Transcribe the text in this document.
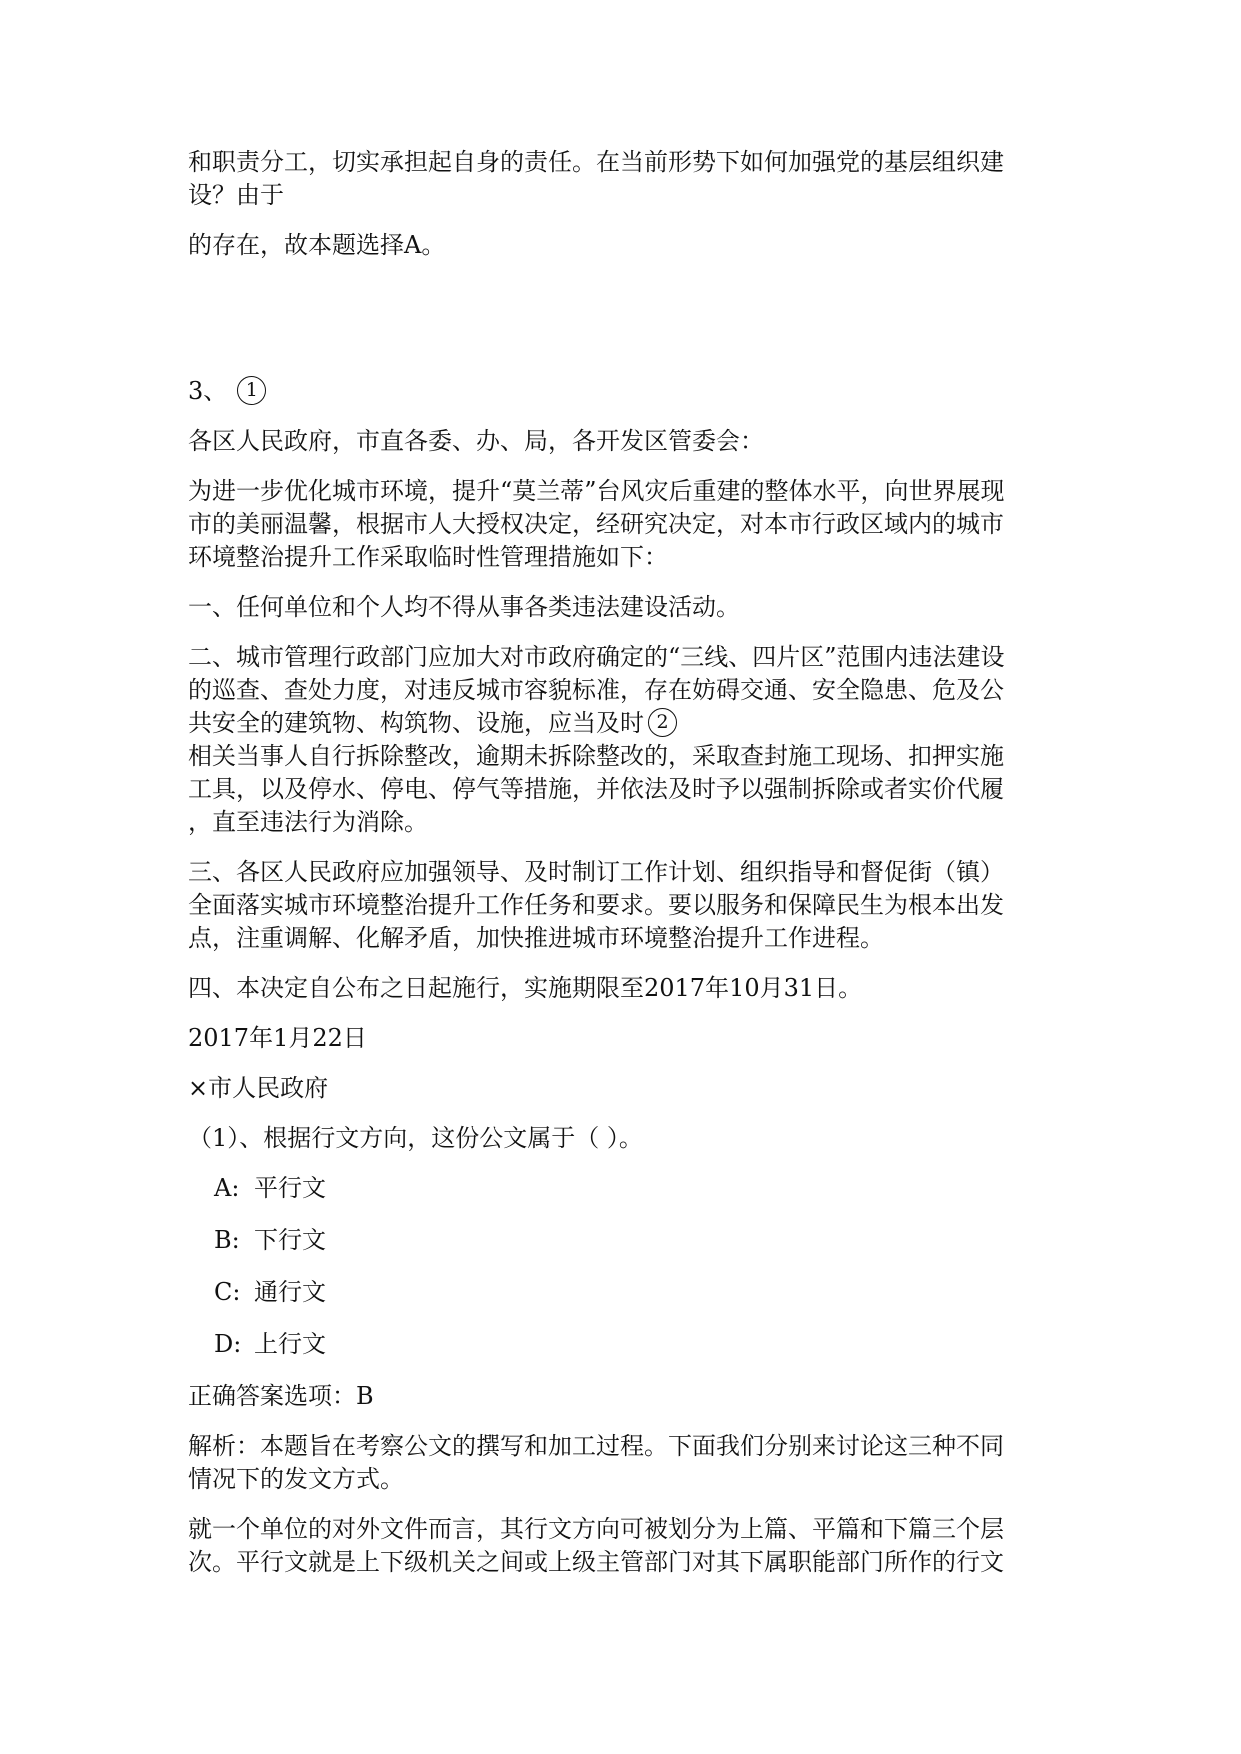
和职责分工，切实承担起自身的责任。在当前形势下如何加强党的基层组织建

设？由于

的存在，故本题选择A。

3、 1

各区人民政府，市直各委、办、局，各开发区管委会：

为进一步优化城市环境，提升“莫兰蒂”台风灾后重建的整体水平，向世界展现

市的美丽温馨，根据市人大授权决定，经研究决定，对本市行政区域内的城市

环境整治提升工作采取临时性管理措施如下：

一、任何单位和个人均不得从事各类违法建设活动。

二、城市管理行政部门应加大对市政府确定的“三线、四片区”范围内违法建设

的巡查、查处力度，对违反城市容貌标准，存在妨碍交通、安全隐患、危及公

共安全的建筑物、构筑物、设施，应当及时 2

相关当事人自行拆除整改，逾期未拆除整改的，采取查封施工现场、扣押实施

工具，以及停水、停电、停气等措施，并依法及时予以强制拆除或者实价代履

，直至违法行为消除。

三、各区人民政府应加强领导、及时制订工作计划、组织指导和督促街（镇）

全面落实城市环境整治提升工作任务和要求。要以服务和保障民生为根本出发

点，注重调解、化解矛盾，加快推进城市环境整治提升工作进程。

四、本决定自公布之日起施行，实施期限至2017年10月31日。

2017年1月22日

×市人民政府

（1）、根据行文方向，这份公文属于（ ）。

A: 平行文
B: 下行文
C: 通行文
D: 上行文

正确答案选项：B

解析：本题旨在考察公文的撰写和加工过程。下面我们分别来讨论这三种不同

情况下的发文方式。

就一个单位的对外文件而言，其行文方向可被划分为上篇、平篇和下篇三个层

次。平行文就是上下级机关之间或上级主管部门对其下属职能部门所作的行文
